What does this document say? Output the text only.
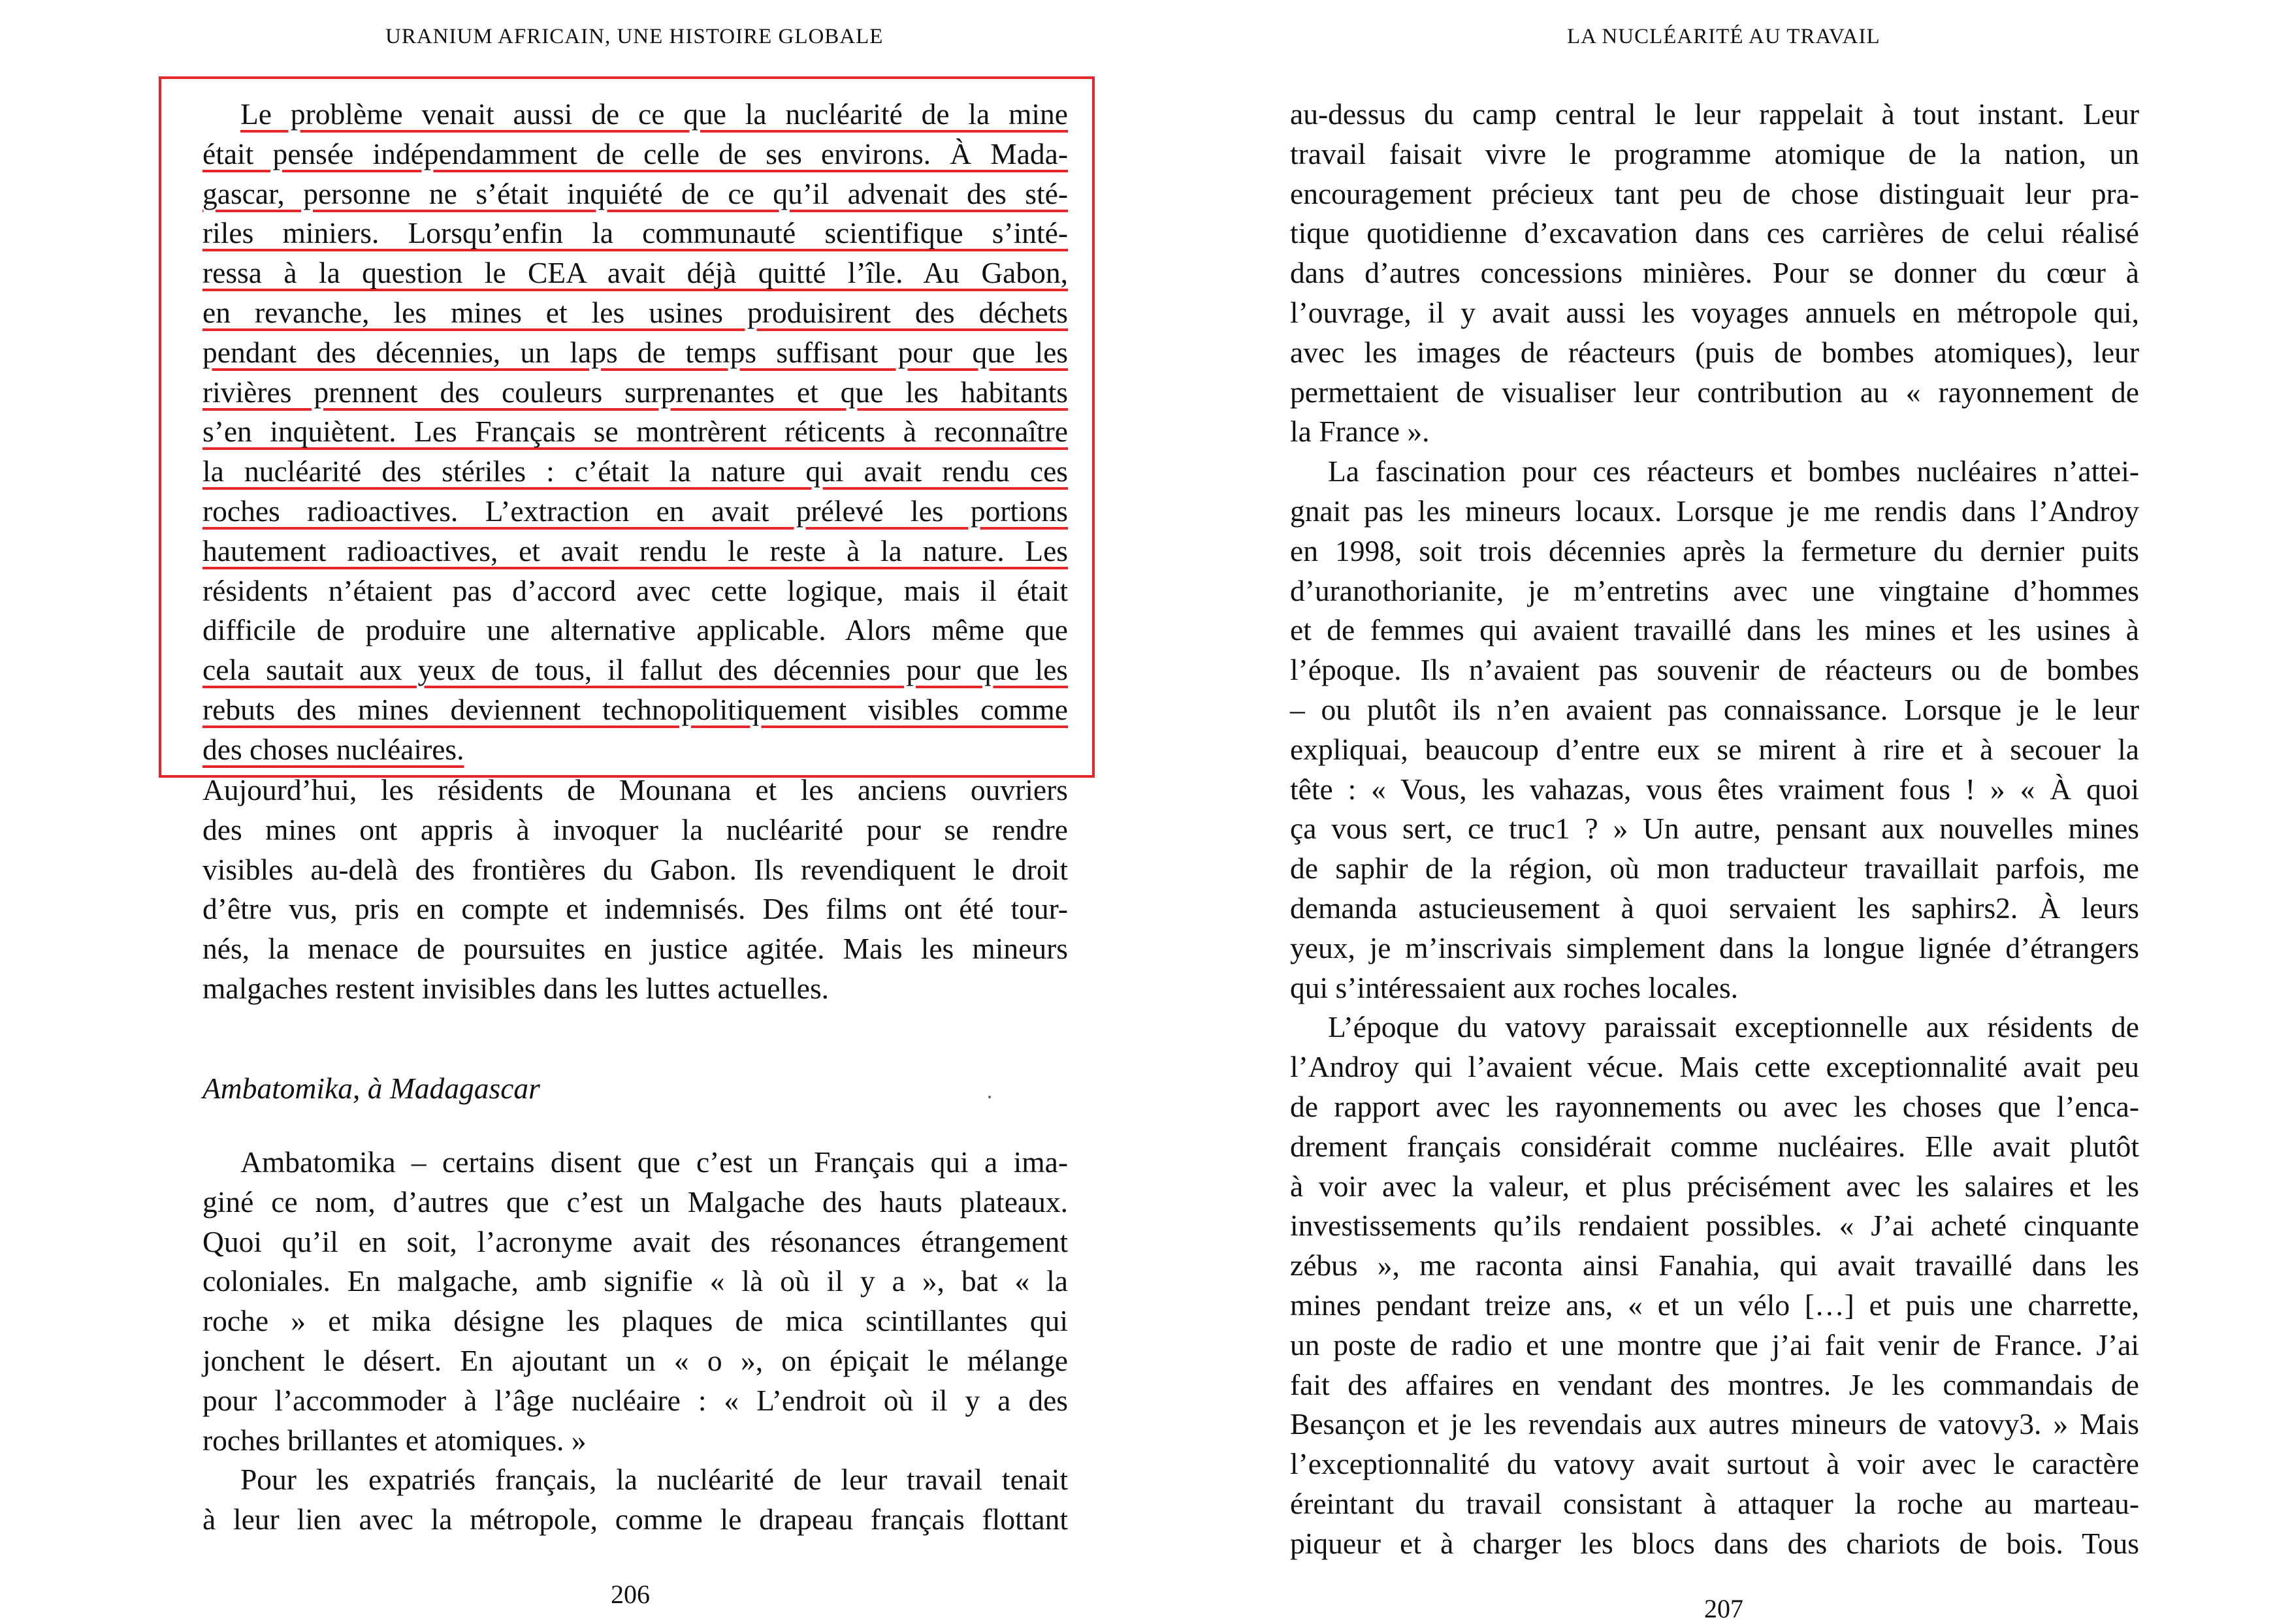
URANIUM AFRICAIN, UNE HISTOIRE GLOBALE
Le problème venait aussi de ce que la nucléarité de la mine
était pensée indépendamment de celle de ses environs. À Mada-
gascar, personne ne s’était inquiété de ce qu’il advenait des sté-
riles miniers. Lorsqu’enfin la communauté scientifique s’inté-
ressa à la question le CEA avait déjà quitté l’île. Au Gabon,
en revanche, les mines et les usines produisirent des déchets
pendant des décennies, un laps de temps suffisant pour que les
rivières prennent des couleurs surprenantes et que les habitants
s’en inquiètent. Les Français se montrèrent réticents à reconnaître
la nucléarité des stériles : c’était la nature qui avait rendu ces
roches radioactives. L’extraction en avait prélevé les portions
hautement radioactives, et avait rendu le reste à la nature. Les
résidents n’étaient pas d’accord avec cette logique, mais il était
difficile de produire une alternative applicable. Alors même que
cela sautait aux yeux de tous, il fallut des décennies pour que les
rebuts des mines deviennent technopolitiquement visibles comme
des choses nucléaires.
Aujourd’hui, les résidents de Mounana et les anciens ouvriers
des mines ont appris à invoquer la nucléarité pour se rendre
visibles au-delà des frontières du Gabon. Ils revendiquent le droit
d’être vus, pris en compte et indemnisés. Des films ont été tour-
nés, la menace de poursuites en justice agitée. Mais les mineurs
malgaches restent invisibles dans les luttes actuelles.
Ambatomika, à Madagascar
Ambatomika – certains disent que c’est un Français qui a ima-
giné ce nom, d’autres que c’est un Malgache des hauts plateaux.
Quoi qu’il en soit, l’acronyme avait des résonances étrangement
coloniales. En malgache, amb signifie « là où il y a », bat « la
roche » et mika désigne les plaques de mica scintillantes qui
jonchent le désert. En ajoutant un « o », on épiçait le mélange
pour l’accommoder à l’âge nucléaire : « L’endroit où il y a des
roches brillantes et atomiques. »
Pour les expatriés français, la nucléarité de leur travail tenait
à leur lien avec la métropole, comme le drapeau français flottant
206
LA NUCLÉARITÉ AU TRAVAIL
au-dessus du camp central le leur rappelait à tout instant. Leur
travail faisait vivre le programme atomique de la nation, un
encouragement précieux tant peu de chose distinguait leur pra-
tique quotidienne d’excavation dans ces carrières de celui réalisé
dans d’autres concessions minières. Pour se donner du cœur à
l’ouvrage, il y avait aussi les voyages annuels en métropole qui,
avec les images de réacteurs (puis de bombes atomiques), leur
permettaient de visualiser leur contribution au « rayonnement de
la France ».
La fascination pour ces réacteurs et bombes nucléaires n’attei-
gnait pas les mineurs locaux. Lorsque je me rendis dans l’Androy
en 1998, soit trois décennies après la fermeture du dernier puits
d’uranothorianite, je m’entretins avec une vingtaine d’hommes
et de femmes qui avaient travaillé dans les mines et les usines à
l’époque. Ils n’avaient pas souvenir de réacteurs ou de bombes
– ou plutôt ils n’en avaient pas connaissance. Lorsque je le leur
expliquai, beaucoup d’entre eux se mirent à rire et à secouer la
tête : « Vous, les vahazas, vous êtes vraiment fous ! » « À quoi
ça vous sert, ce truc1 ? » Un autre, pensant aux nouvelles mines
de saphir de la région, où mon traducteur travaillait parfois, me
demanda astucieusement à quoi servaient les saphirs2. À leurs
yeux, je m’inscrivais simplement dans la longue lignée d’étrangers
qui s’intéressaient aux roches locales.
L’époque du vatovy paraissait exceptionnelle aux résidents de
l’Androy qui l’avaient vécue. Mais cette exceptionnalité avait peu
de rapport avec les rayonnements ou avec les choses que l’enca-
drement français considérait comme nucléaires. Elle avait plutôt
à voir avec la valeur, et plus précisément avec les salaires et les
investissements qu’ils rendaient possibles. « J’ai acheté cinquante
zébus », me raconta ainsi Fanahia, qui avait travaillé dans les
mines pendant treize ans, « et un vélo […] et puis une charrette,
un poste de radio et une montre que j’ai fait venir de France. J’ai
fait des affaires en vendant des montres. Je les commandais de
Besançon et je les revendais aux autres mineurs de vatovy3. » Mais
l’exceptionnalité du vatovy avait surtout à voir avec le caractère
éreintant du travail consistant à attaquer la roche au marteau-
piqueur et à charger les blocs dans des chariots de bois. Tous
207
